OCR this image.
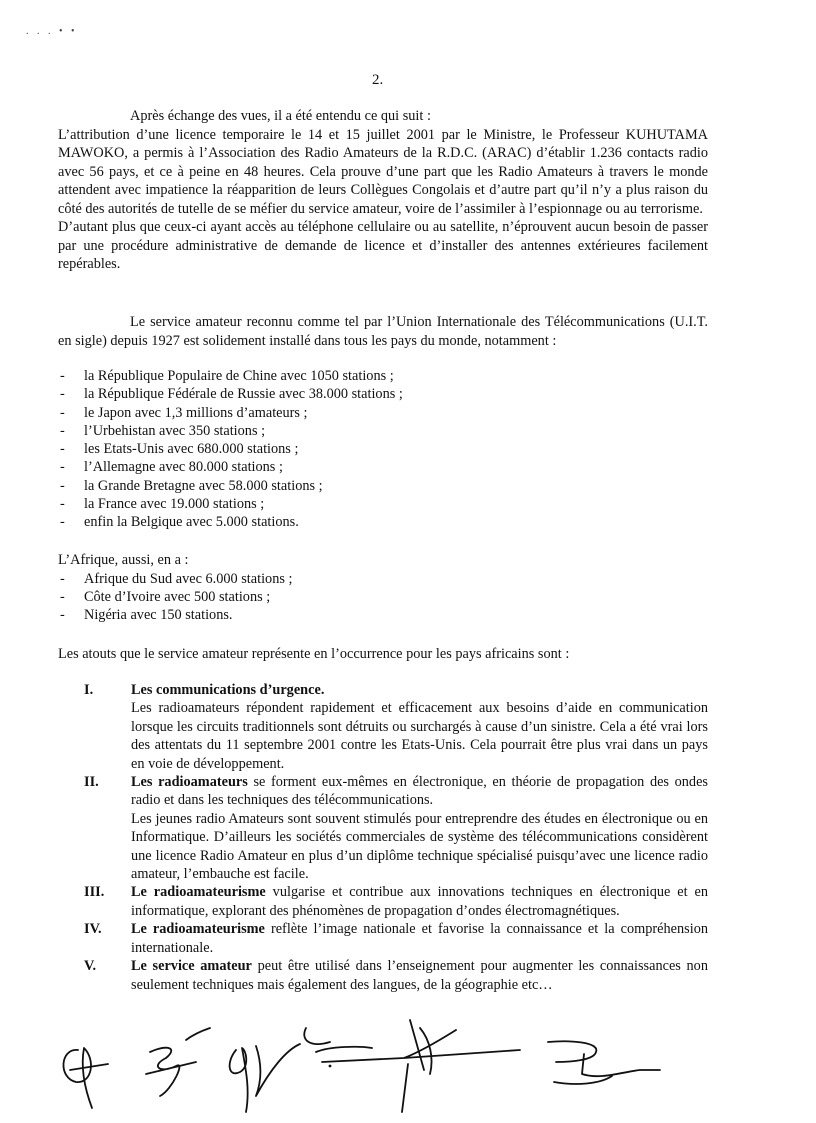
. . . • •
2.

Après échange des vues, il a été entendu ce qui suit :

L’attribution d’une licence temporaire le 14 et 15 juillet 2001 par le Ministre, le Professeur KUHUTAMA MAWOKO, a permis à l’Association des Radio Amateurs de la R.D.C. (ARAC) d’établir 1.236 contacts radio avec 56 pays, et ce à peine en 48 heures. Cela prouve d’une part que les Radio Amateurs à travers le monde attendent avec impatience la réapparition de leurs Collègues Congolais et d’autre part qu’il n’y a plus raison du côté des autorités de tutelle de se méfier du service amateur, voire de l’assimiler à l’espionnage ou au terrorisme.

D’autant plus que ceux-ci ayant accès au téléphone cellulaire ou au satellite, n’éprouvent aucun besoin de passer par une procédure administrative de demande de licence et d’installer des antennes extérieures facilement repérables.

Le service amateur reconnu comme tel par l’Union Internationale des Télécommunications (U.I.T. en sigle) depuis 1927 est solidement installé dans tous les pays du monde, notamment :

- la République Populaire de Chine avec 1050 stations ;
- la République Fédérale de Russie avec 38.000 stations ;
- le Japon avec 1,3 millions d’amateurs ;
- l’Urbehistan avec 350 stations ;
- les Etats-Unis avec 680.000 stations ;
- l’Allemagne avec 80.000 stations ;
- la Grande Bretagne avec 58.000 stations ;
- la France avec 19.000 stations ;
- enfin la Belgique avec 5.000 stations.

L’Afrique, aussi, en a :

- Afrique du Sud avec 6.000 stations ;
- Côte d’Ivoire avec 500 stations ;
- Nigéria avec 150 stations.

Les atouts que le service amateur représente en l’occurrence pour les pays africains sont :

I.	Les communications d’urgence.

Les radioamateurs répondent rapidement et efficacement aux besoins d’aide en communication lorsque les circuits traditionnels sont détruits ou surchargés à cause d’un sinistre. Cela a été vrai lors des attentats du 11 septembre 2001 contre les Etats-Unis. Cela pourrait être plus vrai dans un pays en voie de développement.

II. Les radioamateurs se forment eux-mêmes en électronique, en théorie de propagation des ondes radio et dans les techniques des télécommunications.

Les jeunes radio Amateurs sont souvent stimulés pour entreprendre des études en électronique ou en Informatique. D’ailleurs les sociétés commerciales de système des télécommunications considèrent une licence Radio Amateur en plus d’un diplôme technique spécialisé puisqu’avec une licence radio amateur, l’embauche est facile.

III. Le radioamateurisme vulgarise et contribue aux innovations techniques en électronique et en informatique, explorant des phénomènes de propagation d’ondes électromagnétiques.

IV. Le radioamateurisme reflète l’image nationale et favorise la connaissance et la compréhension internationale.

V. Le service amateur peut être utilisé dans l’enseignement pour augmenter les connaissances non seulement techniques mais également des langues, de la géographie etc…
